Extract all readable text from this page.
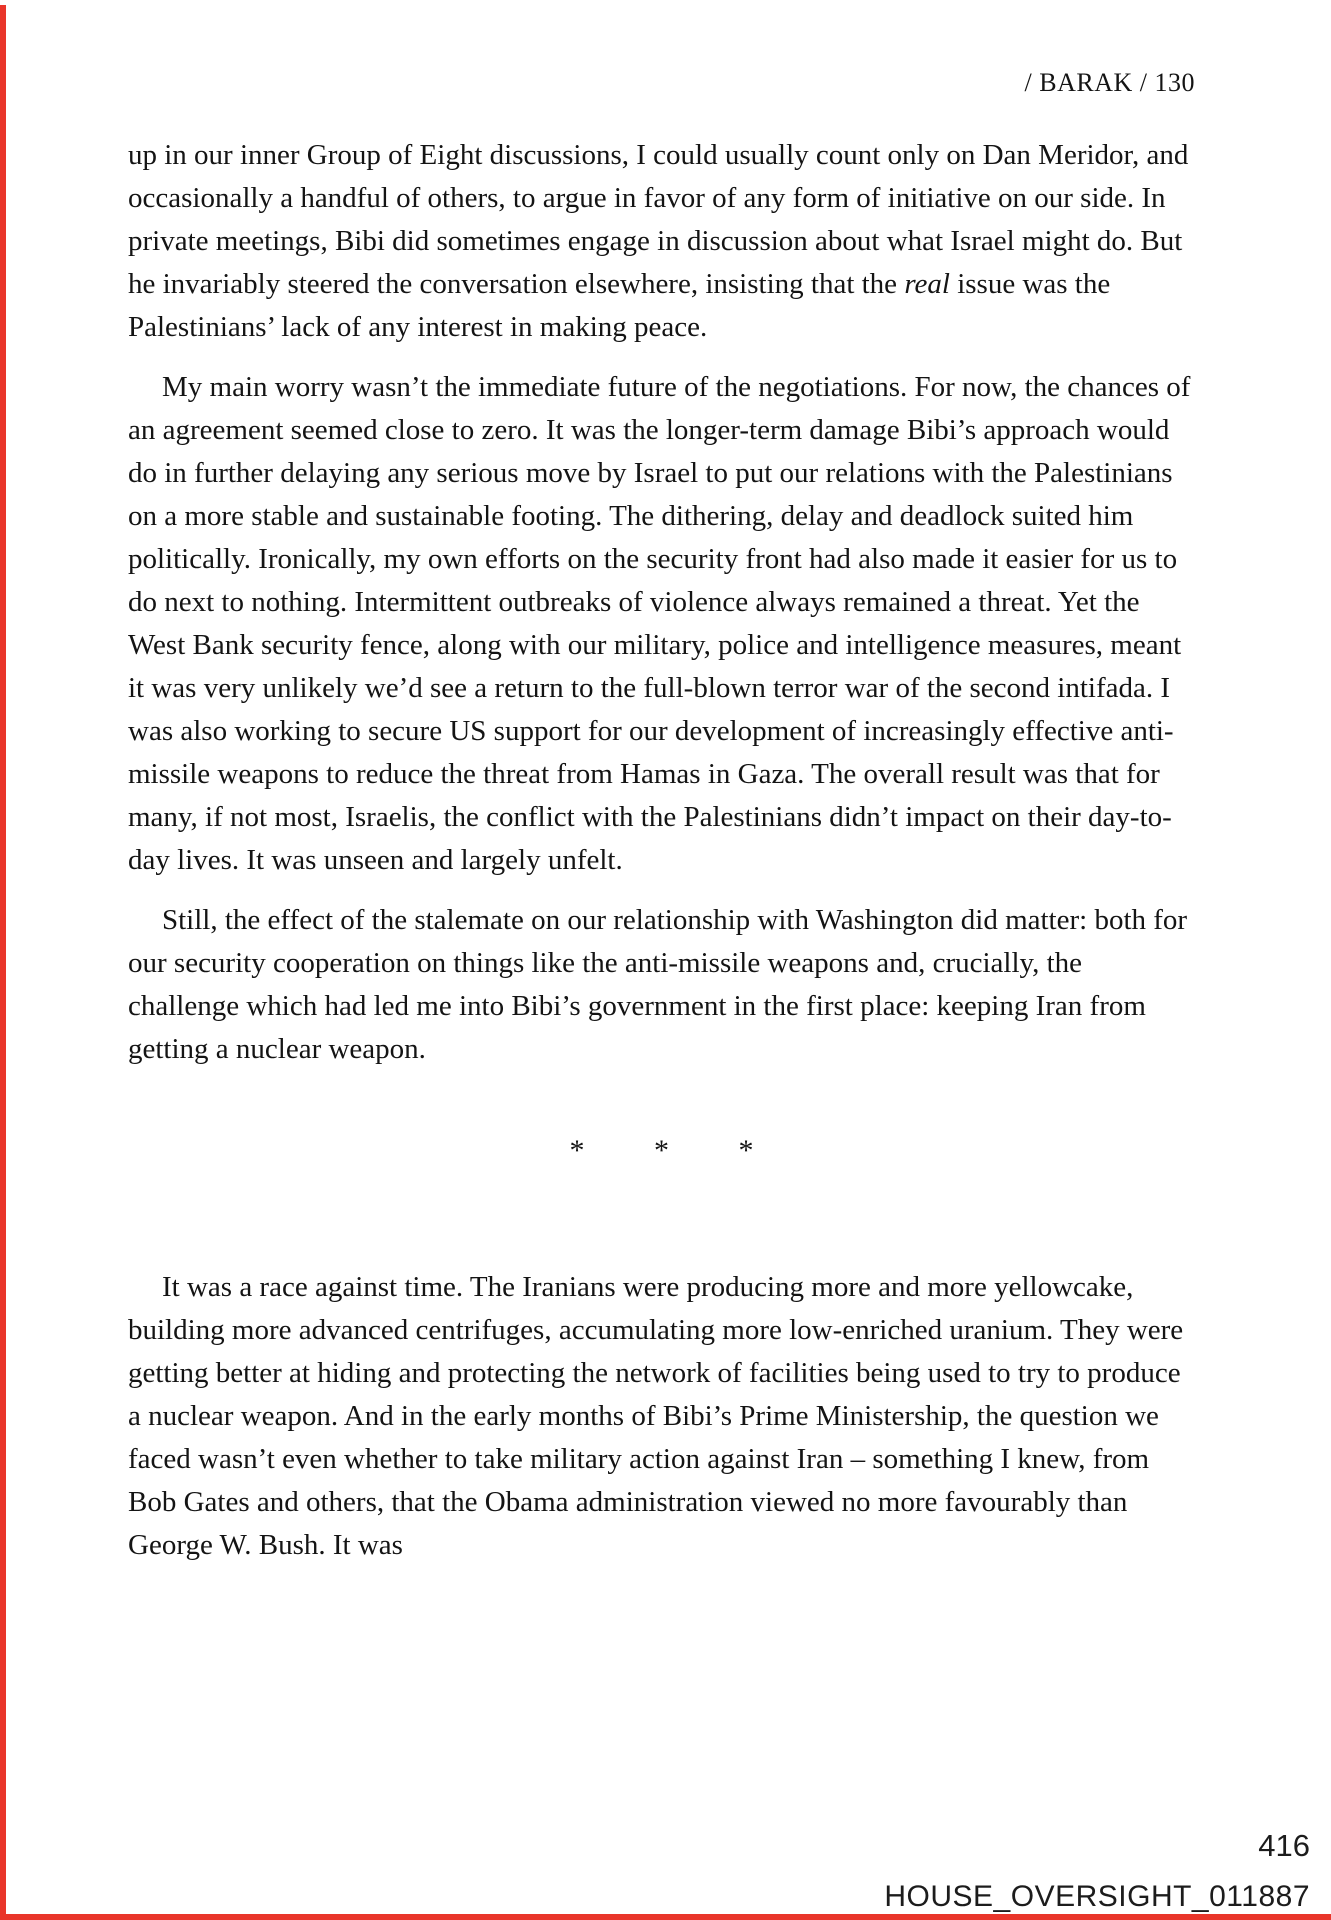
/ BARAK / 130

up in our inner Group of Eight discussions, I could usually count only on Dan Meridor, and occasionally a handful of others, to argue in favor of any form of initiative on our side. In private meetings, Bibi did sometimes engage in discussion about what Israel might do. But he invariably steered the conversation elsewhere, insisting that the real issue was the Palestinians’ lack of any interest in making peace.

My main worry wasn’t the immediate future of the negotiations. For now, the chances of an agreement seemed close to zero. It was the longer-term damage Bibi’s approach would do in further delaying any serious move by Israel to put our relations with the Palestinians on a more stable and sustainable footing. The dithering, delay and deadlock suited him politically. Ironically, my own efforts on the security front had also made it easier for us to do next to nothing. Intermittent outbreaks of violence always remained a threat. Yet the West Bank security fence, along with our military, police and intelligence measures, meant it was very unlikely we’d see a return to the full-blown terror war of the second intifada. I was also working to secure US support for our development of increasingly effective anti-missile weapons to reduce the threat from Hamas in Gaza. The overall result was that for many, if not most, Israelis, the conflict with the Palestinians didn’t impact on their day-to-day lives. It was unseen and largely unfelt.

Still, the effect of the stalemate on our relationship with Washington did matter: both for our security cooperation on things like the anti-missile weapons and, crucially, the challenge which had led me into Bibi’s government in the first place: keeping Iran from getting a nuclear weapon.

* * *

It was a race against time. The Iranians were producing more and more yellowcake, building more advanced centrifuges, accumulating more low-enriched uranium. They were getting better at hiding and protecting the network of facilities being used to try to produce a nuclear weapon. And in the early months of Bibi’s Prime Ministership, the question we faced wasn’t even whether to take military action against Iran – something I knew, from Bob Gates and others, that the Obama administration viewed no more favourably than George W. Bush. It was

416
HOUSE_OVERSIGHT_011887
